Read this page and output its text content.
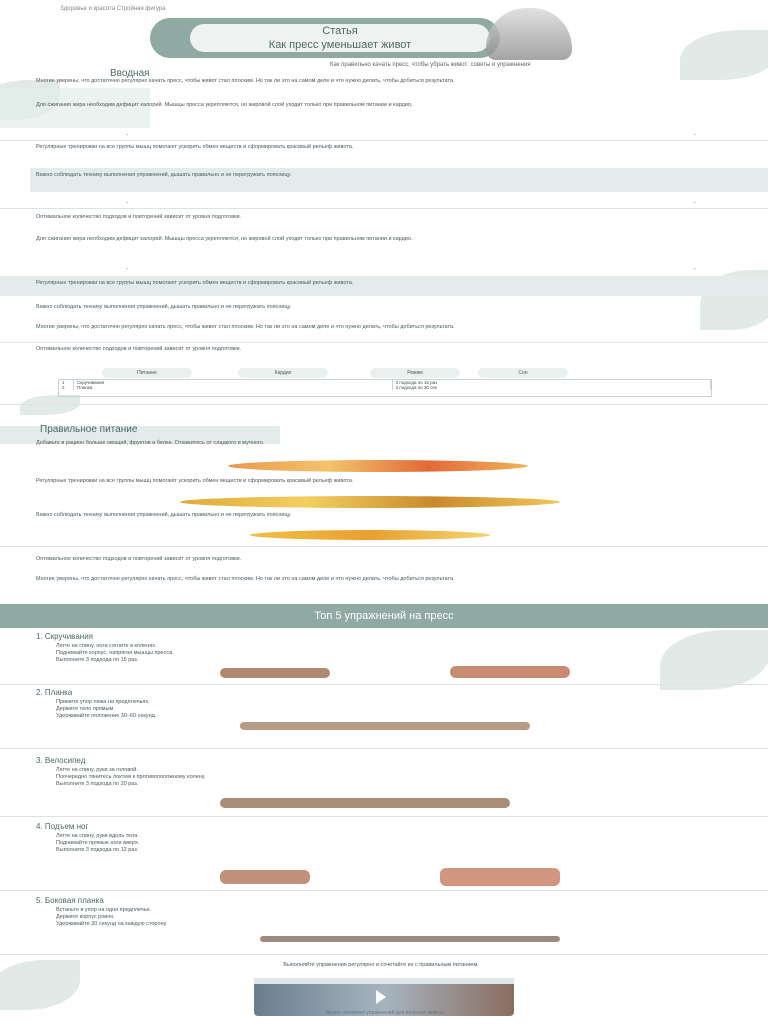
Здоровье и красота Стройная фигура
Статья
Как пресс уменьшает живот
Как правильно качать пресс, чтобы убрать живот: советы и упражнения
Вводная
Многие уверены, что достаточно регулярно качать пресс, чтобы живот стал плоским. Но так ли это на самом деле и что нужно делать, чтобы добиться результата.
Для сжигания жира необходим дефицит калорий. Мышцы пресса укрепляются, но жировой слой уходит только при правильном питании и кардио.
⌁	⌁
Регулярные тренировки на все группы мышц помогают ускорить обмен веществ и сформировать красивый рельеф живота.
Важно соблюдать технику выполнения упражнений, дышать правильно и не перегружать поясницу.
⌁	⌁
Оптимальное количество подходов и повторений зависит от уровня подготовки.
Для сжигания жира необходим дефицит калорий. Мышцы пресса укрепляются, но жировой слой уходит только при правильном питании и кардио.
⌁	⌁
Регулярные тренировки на все группы мышц помогают ускорить обмен веществ и сформировать красивый рельеф живота.
Важно соблюдать технику выполнения упражнений, дышать правильно и не перегружать поясницу.
Многие уверены, что достаточно регулярно качать пресс, чтобы живот стал плоским. Но так ли это на самом деле и что нужно делать, чтобы добиться результата.
Оптимальное количество подходов и повторений зависит от уровня подготовки.
Питание	Кардио	Режим	Сон
1	Скручивания	3 подхода по 15 раз
2	Планка	3 подхода по 30 сек
Правильное питание
Добавьте в рацион больше овощей, фруктов и белка. Откажитесь от сладкого и мучного.
Регулярные тренировки на все группы мышц помогают ускорить обмен веществ и сформировать красивый рельеф живота.
Важно соблюдать технику выполнения упражнений, дышать правильно и не перегружать поясницу.
Оптимальное количество подходов и повторений зависит от уровня подготовки.
Многие уверены, что достаточно регулярно качать пресс, чтобы живот стал плоским. Но так ли это на самом деле и что нужно делать, чтобы добиться результата.
Топ 5 упражнений на пресс
1. Скручивания
Лягте на спину, ноги согните в коленях.
Поднимайте корпус, напрягая мышцы пресса.
Выполните 3 подхода по 15 раз.
2. Планка
Примите упор лежа на предплечьях.
Держите тело прямым.
Удерживайте положение 30–60 секунд.
3. Велосипед
Лягте на спину, руки за головой.
Поочередно тянитесь локтем к противоположному колену.
Выполните 3 подхода по 20 раз.
4. Подъем ног
Лягте на спину, руки вдоль тела.
Поднимайте прямые ноги вверх.
Выполните 3 подхода по 12 раз.
5. Боковая планка
Встаньте в упор на одно предплечье.
Держите корпус ровно.
Удерживайте 30 секунд на каждую сторону.
Выполняйте упражнения регулярно и сочетайте их с правильным питанием.
Видео: комплекс упражнений для плоского живота
